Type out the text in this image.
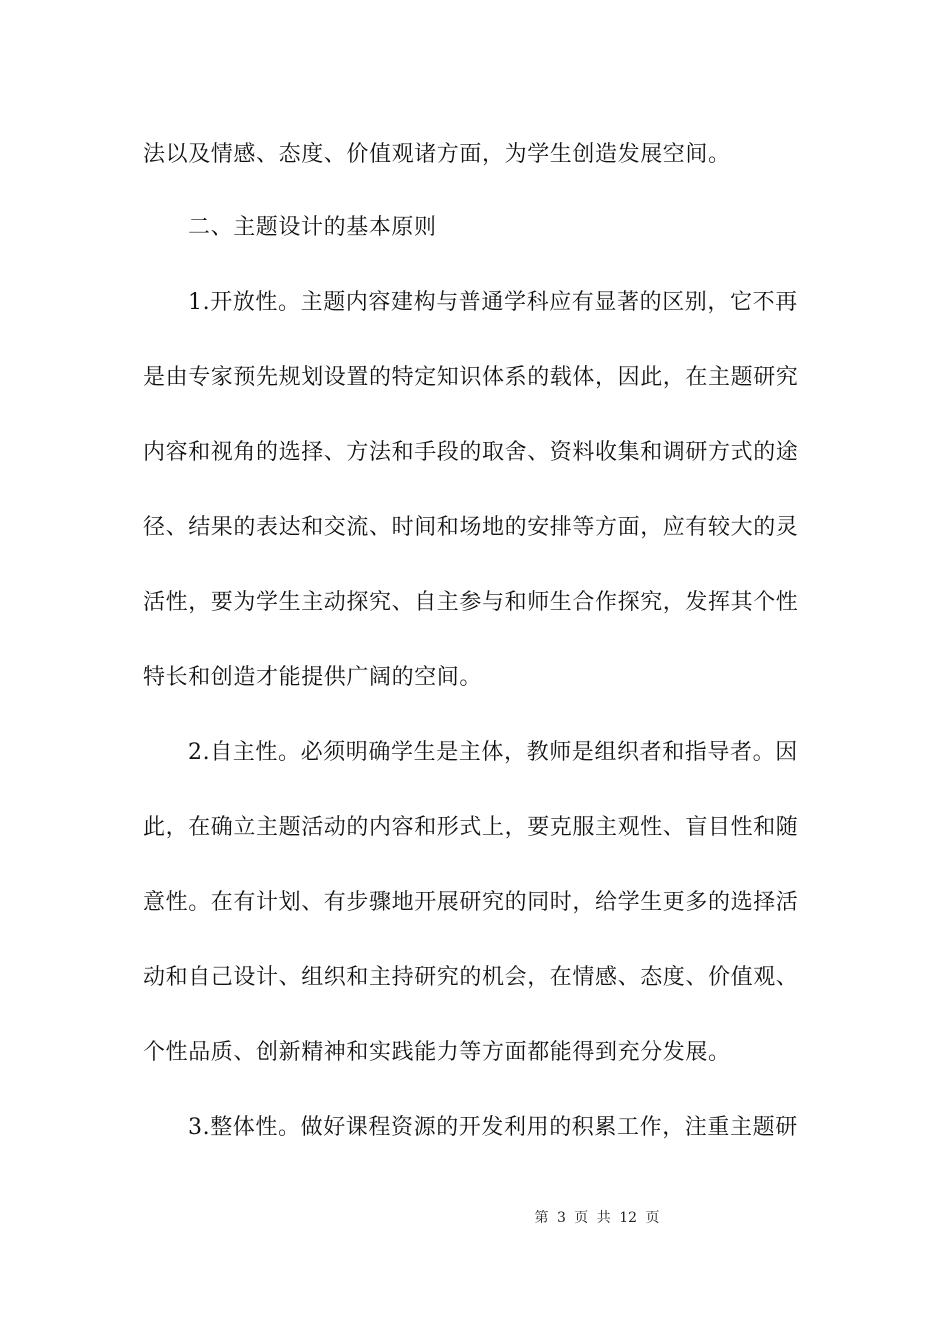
法以及情感、态度、价值观诸方面，为学生创造发展空间。
二、主题设计的基本原则
1.开放性。主题内容建构与普通学科应有显著的区别，它不再
是由专家预先规划设置的特定知识体系的载体，因此，在主题研究
内容和视角的选择、方法和手段的取舍、资料收集和调研方式的途
径、结果的表达和交流、时间和场地的安排等方面，应有较大的灵
活性，要为学生主动探究、自主参与和师生合作探究，发挥其个性
特长和创造才能提供广阔的空间。
2.自主性。必须明确学生是主体，教师是组织者和指导者。因
此，在确立主题活动的内容和形式上，要克服主观性、盲目性和随
意性。在有计划、有步骤地开展研究的同时，给学生更多的选择活
动和自己设计、组织和主持研究的机会，在情感、态度、价值观、
个性品质、创新精神和实践能力等方面都能得到充分发展。
3.整体性。做好课程资源的开发利用的积累工作，注重主题研
第 3 页 共 12 页
